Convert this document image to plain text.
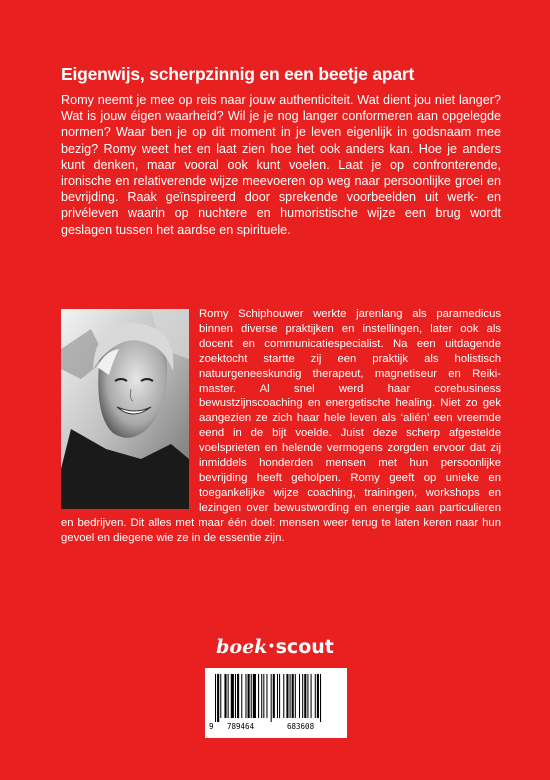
Eigenwijs, scherpzinnig en een beetje apart

Romy neemt je mee op reis naar jouw authenticiteit. Wat dient jou niet langer? Wat is jouw éigen waarheid? Wil je je nog langer conformeren aan opgelegde normen? Waar ben je op dit moment in je leven eigenlijk in godsnaam mee bezig? Romy weet het en laat zien hoe het ook anders kan. Hoe je anders kunt denken, maar vooral ook kunt voelen. Laat je op confronterende, ironische en relativerende wijze meevoeren op weg naar persoonlijke groei en bevrijding. Raak geïnspireerd door sprekende voorbeelden uit werk- en privéleven waarin op nuchtere en humoristische wijze een brug wordt geslagen tussen het aardse en spirituele.

Romy Schiphouwer werkte jarenlang als paramedicus binnen diverse praktijken en instellingen, later ook als docent en communicatiespecialist. Na een uitdagende zoektocht startte zij een praktijk als holistisch natuurgeneeskundig therapeut, magnetiseur en Reiki-master. Al snel werd haar corebusiness bewustzijnscoaching en energetische healing. Niet zo gek aangezien ze zich haar hele leven als ‘alién’ een vreemde eend in de bijt voelde. Juist deze scherp afgestelde voelsprieten en helende vermogens zorgden ervoor dat zij inmiddels honderden mensen met hun persoonlijke bevrijding heeft geholpen. Romy geeft op unieke en toegankelijke wijze coaching, trainingen, workshops en lezingen over bewustwording en energie aan particulieren en bedrijven. Dit alles met maar één doel: mensen weer terug te laten keren naar hun gevoel en diegene wie ze in de essentie zijn.
boek•scout
9 789464	683608
